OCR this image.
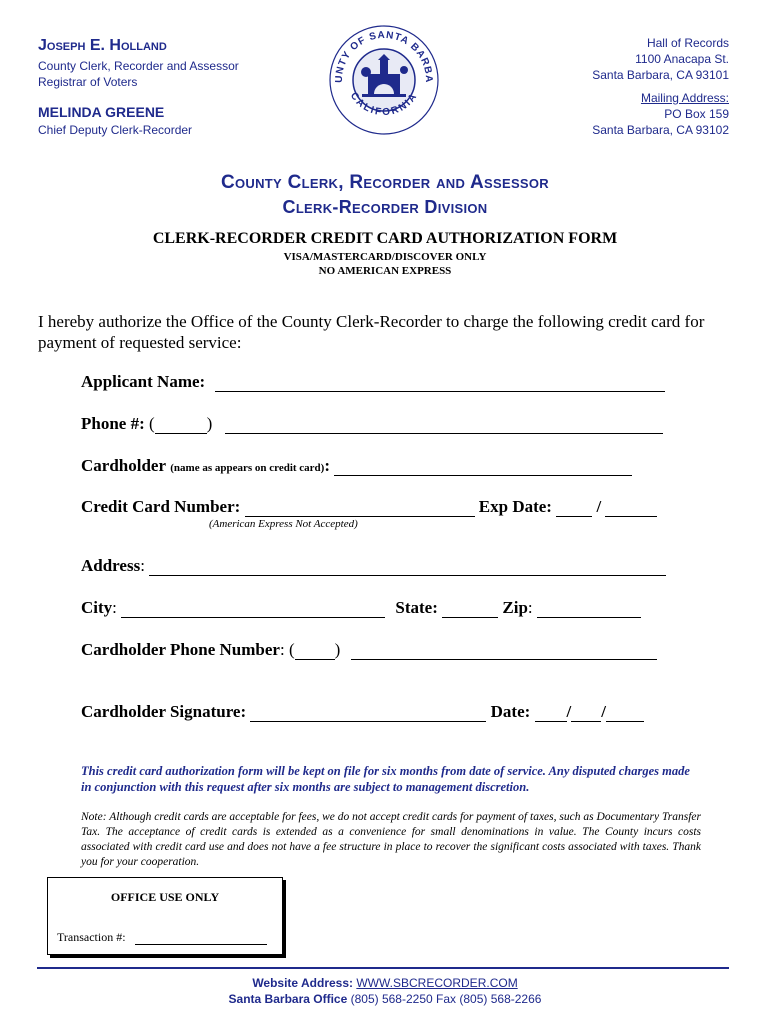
Joseph E. Holland
County Clerk, Recorder and Assessor
Registrar of Voters
MELINDA GREENE
Chief Deputy Clerk-Recorder
UNTY OF SANTA BARBA
CALIFORNIA
Hall of Records
1100 Anacapa St.
Santa Barbara, CA 93101
Mailing Address:
PO Box 159
Santa Barbara, CA 93102
County Clerk, Recorder and Assessor
Clerk-Recorder Division
CLERK-RECORDER CREDIT CARD AUTHORIZATION FORM
VISA/MASTERCARD/DISCOVER ONLY
NO AMERICAN EXPRESS
I hereby authorize the Office of the County Clerk-Recorder to charge the following credit card for payment of requested service:
Applicant Name:
Phone #: (	)
Cardholder (name as appears on credit card):
Credit Card Number:	Exp Date:	/
(American Express Not Accepted)
Address:
City:	State:	Zip:
Cardholder Phone Number: ( )
Cardholder Signature:	Date: / /
This credit card authorization form will be kept on file for six months from date of service. Any disputed charges made in conjunction with this request after six months are subject to management discretion.
Note: Although credit cards are acceptable for fees, we do not accept credit cards for payment of taxes, such as Documentary Transfer Tax. The acceptance of credit cards is extended as a convenience for small denominations in value. The County incurs costs associated with credit card use and does not have a fee structure in place to recover the significant costs associated with taxes. Thank you for your cooperation.
OFFICE USE ONLY
Transaction #:
Website Address: WWW.SBCRECORDER.COM
Santa Barbara Office (805) 568-2250 Fax (805) 568-2266
